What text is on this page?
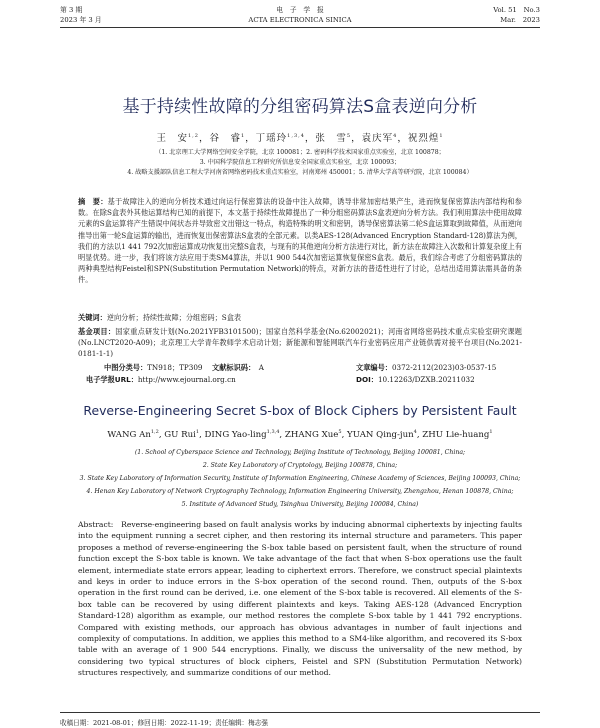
第 3 期
2023 年 3 月
电　子　学　报
ACTA ELECTRONICA SINICA
Vol. 51　No.3
Mar.　2023
基于持续性故障的分组密码算法S盒表逆向分析
王　安$^{1,2}$，谷　睿$^1$，丁瑶玲$^{1,3,4}$，张　雪$^5$，袁庆军$^4$，祝烈煌$^1$
（1. 北京理工大学网络空间安全学院，北京 100081；2. 密码科学技术国家重点实验室，北京 100878；
3. 中国科学院信息工程研究所信息安全国家重点实验室，北京 100093；
4. 战略支援部队信息工程大学河南省网络密码技术重点实验室，河南郑州 450001；5. 清华大学高等研究院，北京 100084）
摘　要：基于故障注入的逆向分析技术通过向运行保密算法的设备中注入故障，诱导非常加密结果产生，进而恢复保密算法内部结构和参数。在除S盒表外其他运算结构已知的前提下，本文基于持续性故障提出了一种分组密码算法S盒表逆向分析方法。我们利用算法中使用故障元素的S盒运算将产生错误中间状态并导致密文出错这一特点，构造特殊的明文和密钥，诱导保密算法第二轮S盒运算取到故障值，从而逆向推导出第一轮S盒运算的输出，进而恢复出保密算法S盒表的全部元素。以类AES-128(Advanced Encryption Standard-128)算法为例，我们的方法以1 441 792次加密运算成功恢复出完整S盒表，与现有的其他逆向分析方法进行对比，新方法在故障注入次数和计算复杂度上有明显优势。进一步，我们将该方法应用于类SM4算法，并以1 900 544次加密运算恢复保密S盒表。最后，我们综合考虑了分组密码算法的两种典型结构Feistel和SPN(Substitution Permutation Network)的特点，对新方法的普适性进行了讨论，总结出适用算法需具备的条件。
关键词：逆向分析；持续性故障；分组密码；S盒表
基金项目：国家重点研发计划(No.2021YFB3101500)；国家自然科学基金(No.62002021)；河南省网络密码技术重点实验室研究课题(No.LNCT2020-A09)；北京理工大学青年教师学术启动计划；新能源和智能网联汽车行业密码应用产业链供需对接平台项目(No.2021-0181-1-1)
中图分类号：TN918；TP309 文献标识码：　 A	文章编号：0372-2112(2023)03-0537-15
电子学报URL：http://www.ejournal.org.cn	DOI：10.12263/DZXB.20211032
Reverse-Engineering Secret S-box of Block Ciphers by Persistent Fault
WANG An$^{1,2}$, GU Rui$^1$, DING Yao-ling$^{1,3,4}$, ZHANG Xue$^5$, YUAN Qing-jun$^4$, ZHU Lie-huang$^1$
(1. School of Cyberspace Science and Technology, Beijing Institute of Technology, Beijing 100081, China;
2. State Key Laboratory of Cryptology, Beijing 100878, China;
3. State Key Laboratory of Information Security, Institute of Information Engineering, Chinese Academy of Sciences, Beijing 100093, China;
4. Henan Key Laboratory of Network Cryptography Technology, Information Engineering University, Zhengzhou, Henan 100878, China;
5. Institute of Advanced Study, Tsinghua University, Beijing 100084, China)
Abstract:　 Reverse-engineering based on fault analysis works by inducing abnormal ciphertexts by injecting faults into the equipment running a secret cipher, and then restoring its internal structure and parameters. This paper proposes a method of reverse-engineering the S-box table based on persistent fault, when the structure of round function except the S-box table is known. We take advantage of the fact that when S-box operations use the fault element, intermediate state errors appear, leading to ciphertext errors. Therefore, we construct special plaintexts and keys in order to induce errors in the S-box operation of the second round. Then, outputs of the S-box operation in the first round can be derived, i.e. one element of the S-box table is recovered. All elements of the S-box table can be recovered by using different plaintexts and keys. Taking AES-128 (Advanced Encryption Standard-128) algorithm as example, our method restores the complete S-box table by 1 441 792 encryptions. Compared with existing methods, our approach has obvious advantages in number of fault injections and complexity of computations. In addition, we applies this method to a SM4-like algorithm, and recovered its S-box table with an average of 1 900 544 encryptions. Finally, we discuss the universality of the new method, by considering two typical structures of block ciphers, Feistel and SPN (Substitution Permutation Network) structures respectively, and summarize conditions of our method.
收稿日期：2021-08-01；修回日期：2022-11-19；责任编辑：梅志强
